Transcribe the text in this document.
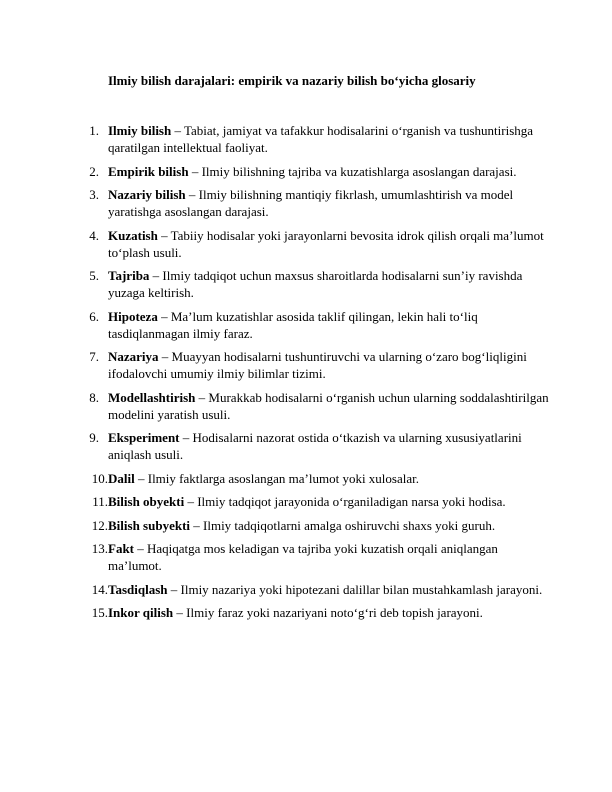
Ilmiy bilish darajalari: empirik va nazariy bilish bo‘yicha glosariy
1. Ilmiy bilish – Tabiat, jamiyat va tafakkur hodisalarini o‘rganish va tushuntirishga qaratilgan intellektual faoliyat.
2. Empirik bilish – Ilmiy bilishning tajriba va kuzatishlarga asoslangan darajasi.
3. Nazariy bilish – Ilmiy bilishning mantiqiy fikrlash, umumlashtirish va model yaratishga asoslangan darajasi.
4. Kuzatish – Tabiiy hodisalar yoki jarayonlarni bevosita idrok qilish orqali ma’lumot to‘plash usuli.
5. Tajriba – Ilmiy tadqiqot uchun maxsus sharoitlarda hodisalarni sun’iy ravishda yuzaga keltirish.
6. Hipoteza – Ma’lum kuzatishlar asosida taklif qilingan, lekin hali to‘liq tasdiqlanmagan ilmiy faraz.
7. Nazariya – Muayyan hodisalarni tushuntiruvchi va ularning o‘zaro bog‘liqligini ifodalovchi umumiy ilmiy bilimlar tizimi.
8. Modellashtirish – Murakkab hodisalarni o‘rganish uchun ularning soddalashtirilgan modelini yaratish usuli.
9. Eksperiment – Hodisalarni nazorat ostida o‘tkazish va ularning xususiyatlarini aniqlash usuli.
10. Dalil – Ilmiy faktlarga asoslangan ma’lumot yoki xulosalar.
11. Bilish obyekti – Ilmiy tadqiqot jarayonida o‘rganiladigan narsa yoki hodisa.
12. Bilish subyekti – Ilmiy tadqiqotlarni amalga oshiruvchi shaxs yoki guruh.
13. Fakt – Haqiqatga mos keladigan va tajriba yoki kuzatish orqali aniqlangan ma’lumot.
14. Tasdiqlash – Ilmiy nazariya yoki hipotezani dalillar bilan mustahkamlash jarayoni.
15. Inkor qilish – Ilmiy faraz yoki nazariyani noto‘g‘ri deb topish jarayoni.
